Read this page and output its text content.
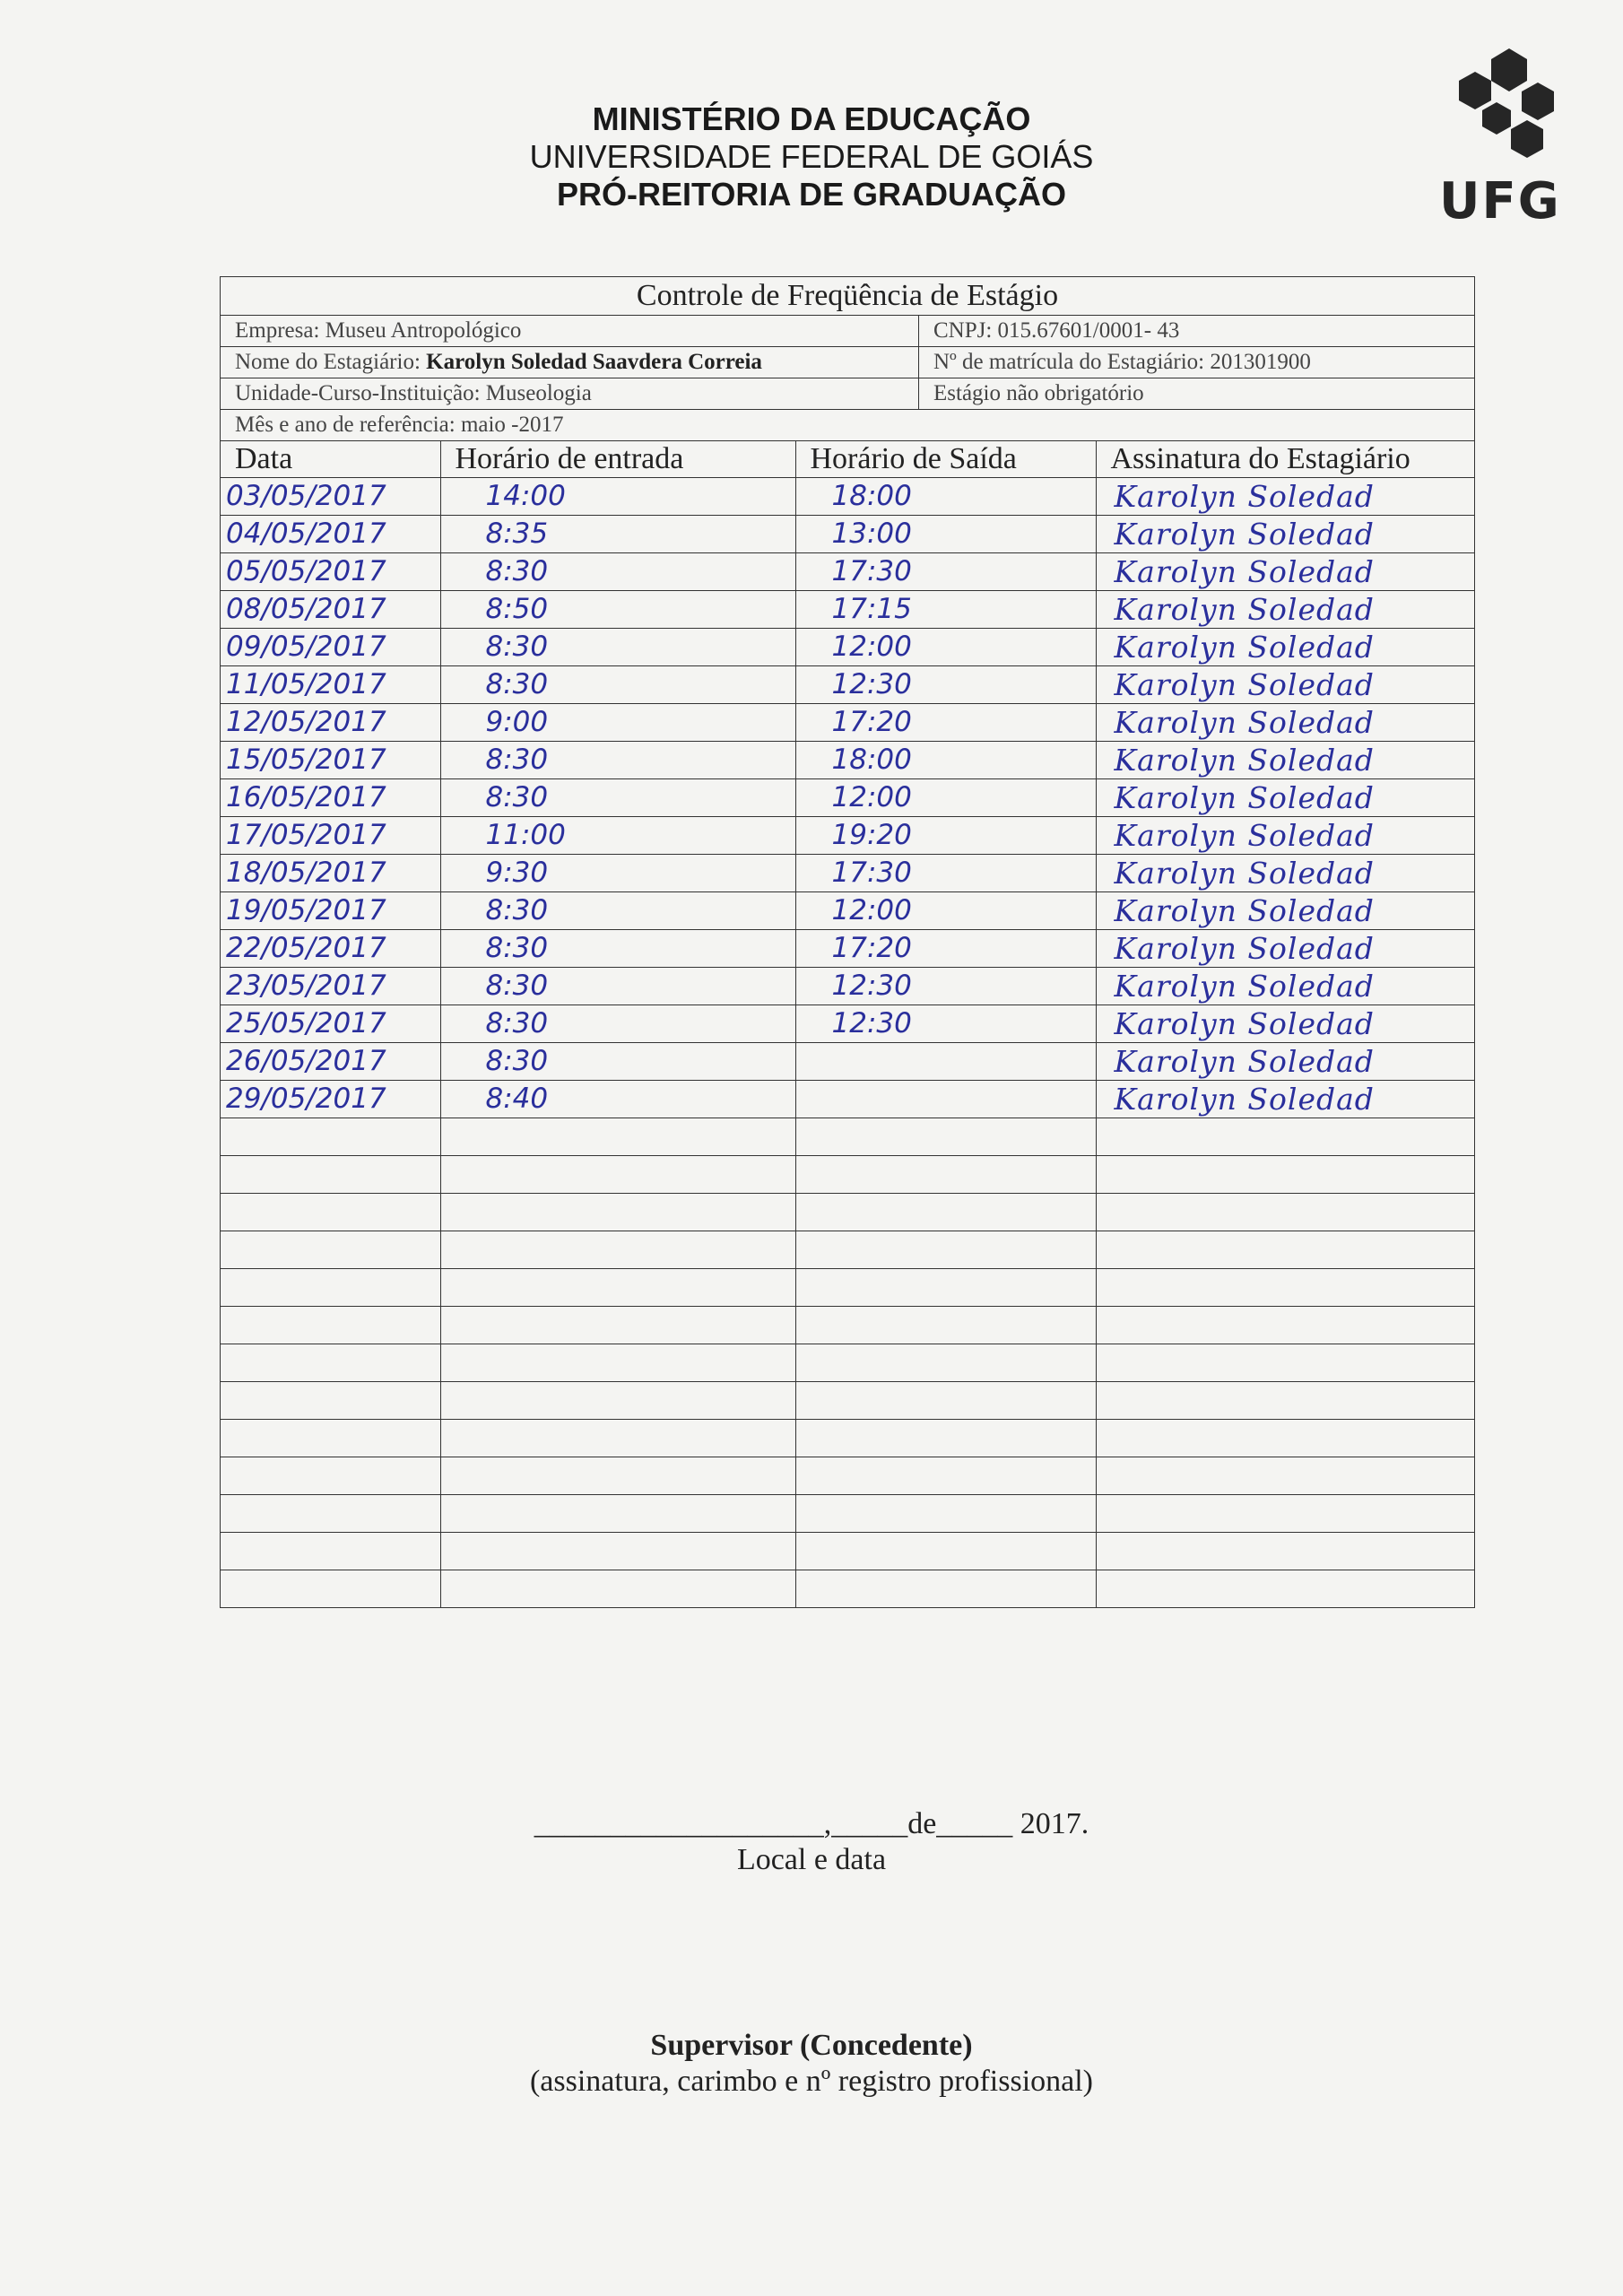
MINISTÉRIO DA EDUCAÇÃO
UNIVERSIDADE FEDERAL DE GOIÁS
PRÓ-REITORIA DE GRADUAÇÃO	UFG
Controle de Freqüência de Estágio
Empresa: Museu Antropológico	CNPJ: 015.67601/0001- 43
Nome do Estagiário: Karolyn Soledad Saavdera Correia	Nº de matrícula do Estagiário: 201301900
Unidade-Curso-Instituição: Museologia	Estágio não obrigatório
Mês e ano de referência: maio -2017
Data	Horário de entrada	Horário de Saída	Assinatura do Estagiário
03/05/2017	14:00	18:00	Karolyn Soledad
04/05/2017	8:35	13:00	Karolyn Soledad
05/05/2017	8:30	17:30	Karolyn Soledad
08/05/2017	8:50	17:15	Karolyn Soledad
09/05/2017	8:30	12:00	Karolyn Soledad
11/05/2017	8:30	12:30	Karolyn Soledad
12/05/2017	9:00	17:20	Karolyn Soledad
15/05/2017	8:30	18:00	Karolyn Soledad
16/05/2017	8:30	12:00	Karolyn Soledad
17/05/2017	11:00	19:20	Karolyn Soledad
18/05/2017	9:30	17:30	Karolyn Soledad
19/05/2017	8:30	12:00	Karolyn Soledad
22/05/2017	8:30	17:20	Karolyn Soledad
23/05/2017	8:30	12:30	Karolyn Soledad
25/05/2017	8:30	12:30	Karolyn Soledad
26/05/2017	8:30		Karolyn Soledad
29/05/2017	8:40		Karolyn Soledad

___________________,_____de_____ 2017.
Local e data
Supervisor (Concedente)
(assinatura, carimbo e nº registro profissional)
